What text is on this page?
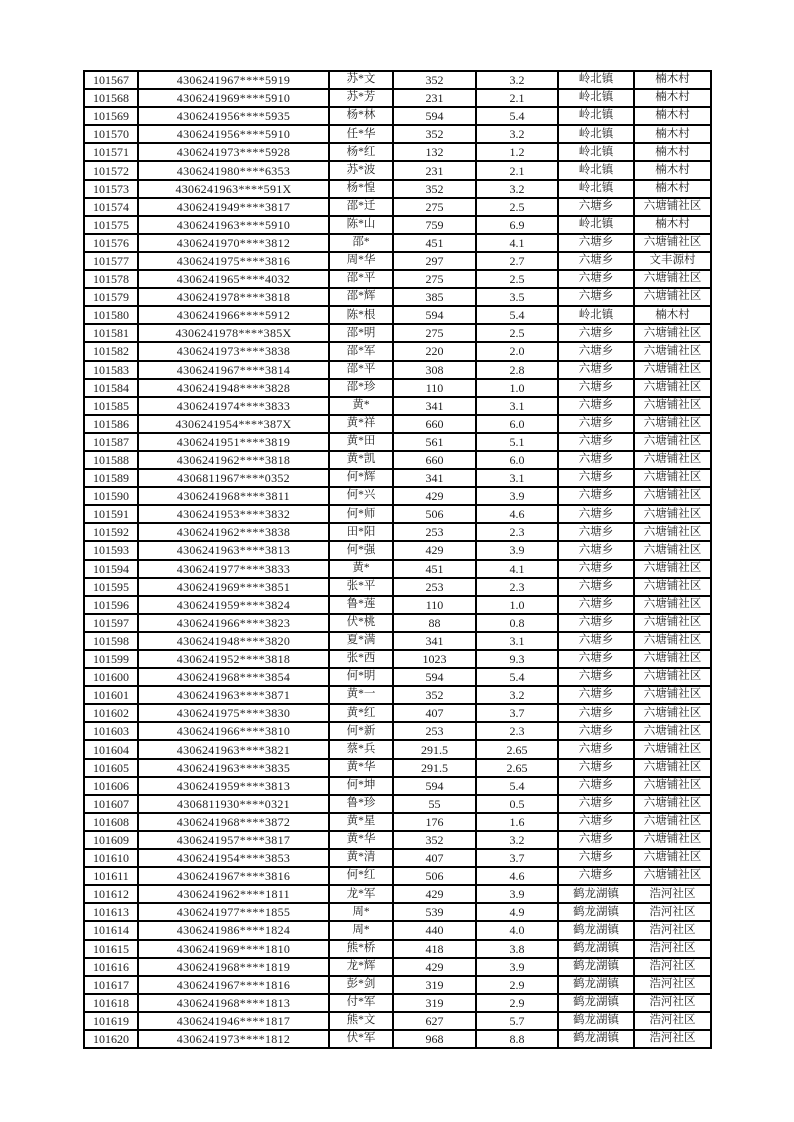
101567	4306241967****5919	苏*文	352	3.2	岭北镇	楠木村
101568	4306241969****5910	苏*芳	231	2.1	岭北镇	楠木村
101569	4306241956****5935	杨*林	594	5.4	岭北镇	楠木村
101570	4306241956****5910	任*华	352	3.2	岭北镇	楠木村
101571	4306241973****5928	杨*红	132	1.2	岭北镇	楠木村
101572	4306241980****6353	苏*波	231	2.1	岭北镇	楠木村
101573	4306241963****591X	杨*惶	352	3.2	岭北镇	楠木村
101574	4306241949****3817	邵*迁	275	2.5	六塘乡	六塘铺社区
101575	4306241963****5910	陈*山	759	6.9	岭北镇	楠木村
101576	4306241970****3812	邵*	451	4.1	六塘乡	六塘铺社区
101577	4306241975****3816	周*华	297	2.7	六塘乡	文丰源村
101578	4306241965****4032	邵*平	275	2.5	六塘乡	六塘铺社区
101579	4306241978****3818	邵*辉	385	3.5	六塘乡	六塘铺社区
101580	4306241966****5912	陈*根	594	5.4	岭北镇	楠木村
101581	4306241978****385X	邵*明	275	2.5	六塘乡	六塘铺社区
101582	4306241973****3838	邵*军	220	2.0	六塘乡	六塘铺社区
101583	4306241967****3814	邵*平	308	2.8	六塘乡	六塘铺社区
101584	4306241948****3828	邵*珍	110	1.0	六塘乡	六塘铺社区
101585	4306241974****3833	黄*	341	3.1	六塘乡	六塘铺社区
101586	4306241954****387X	黄*祥	660	6.0	六塘乡	六塘铺社区
101587	4306241951****3819	黄*田	561	5.1	六塘乡	六塘铺社区
101588	4306241962****3818	黄*凯	660	6.0	六塘乡	六塘铺社区
101589	4306811967****0352	何*辉	341	3.1	六塘乡	六塘铺社区
101590	4306241968****3811	何*兴	429	3.9	六塘乡	六塘铺社区
101591	4306241953****3832	何*师	506	4.6	六塘乡	六塘铺社区
101592	4306241962****3838	田*阳	253	2.3	六塘乡	六塘铺社区
101593	4306241963****3813	何*强	429	3.9	六塘乡	六塘铺社区
101594	4306241977****3833	黄*	451	4.1	六塘乡	六塘铺社区
101595	4306241969****3851	张*平	253	2.3	六塘乡	六塘铺社区
101596	4306241959****3824	鲁*莲	110	1.0	六塘乡	六塘铺社区
101597	4306241966****3823	伏*桃	88	0.8	六塘乡	六塘铺社区
101598	4306241948****3820	夏*满	341	3.1	六塘乡	六塘铺社区
101599	4306241952****3818	张*西	1023	9.3	六塘乡	六塘铺社区
101600	4306241968****3854	何*明	594	5.4	六塘乡	六塘铺社区
101601	4306241963****3871	黄*一	352	3.2	六塘乡	六塘铺社区
101602	4306241975****3830	黄*红	407	3.7	六塘乡	六塘铺社区
101603	4306241966****3810	何*新	253	2.3	六塘乡	六塘铺社区
101604	4306241963****3821	蔡*兵	291.5	2.65	六塘乡	六塘铺社区
101605	4306241963****3835	黄*华	291.5	2.65	六塘乡	六塘铺社区
101606	4306241959****3813	何*坤	594	5.4	六塘乡	六塘铺社区
101607	4306811930****0321	鲁*珍	55	0.5	六塘乡	六塘铺社区
101608	4306241968****3872	黄*星	176	1.6	六塘乡	六塘铺社区
101609	4306241957****3817	黄*华	352	3.2	六塘乡	六塘铺社区
101610	4306241954****3853	黄*清	407	3.7	六塘乡	六塘铺社区
101611	4306241967****3816	何*红	506	4.6	六塘乡	六塘铺社区
101612	4306241962****1811	龙*军	429	3.9	鹤龙湖镇	浩河社区
101613	4306241977****1855	周*	539	4.9	鹤龙湖镇	浩河社区
101614	4306241986****1824	周*	440	4.0	鹤龙湖镇	浩河社区
101615	4306241969****1810	熊*桥	418	3.8	鹤龙湖镇	浩河社区
101616	4306241968****1819	龙*辉	429	3.9	鹤龙湖镇	浩河社区
101617	4306241967****1816	彭*剑	319	2.9	鹤龙湖镇	浩河社区
101618	4306241968****1813	付*军	319	2.9	鹤龙湖镇	浩河社区
101619	4306241946****1817	熊*文	627	5.7	鹤龙湖镇	浩河社区
101620	4306241973****1812	伏*军	968	8.8	鹤龙湖镇	浩河社区
